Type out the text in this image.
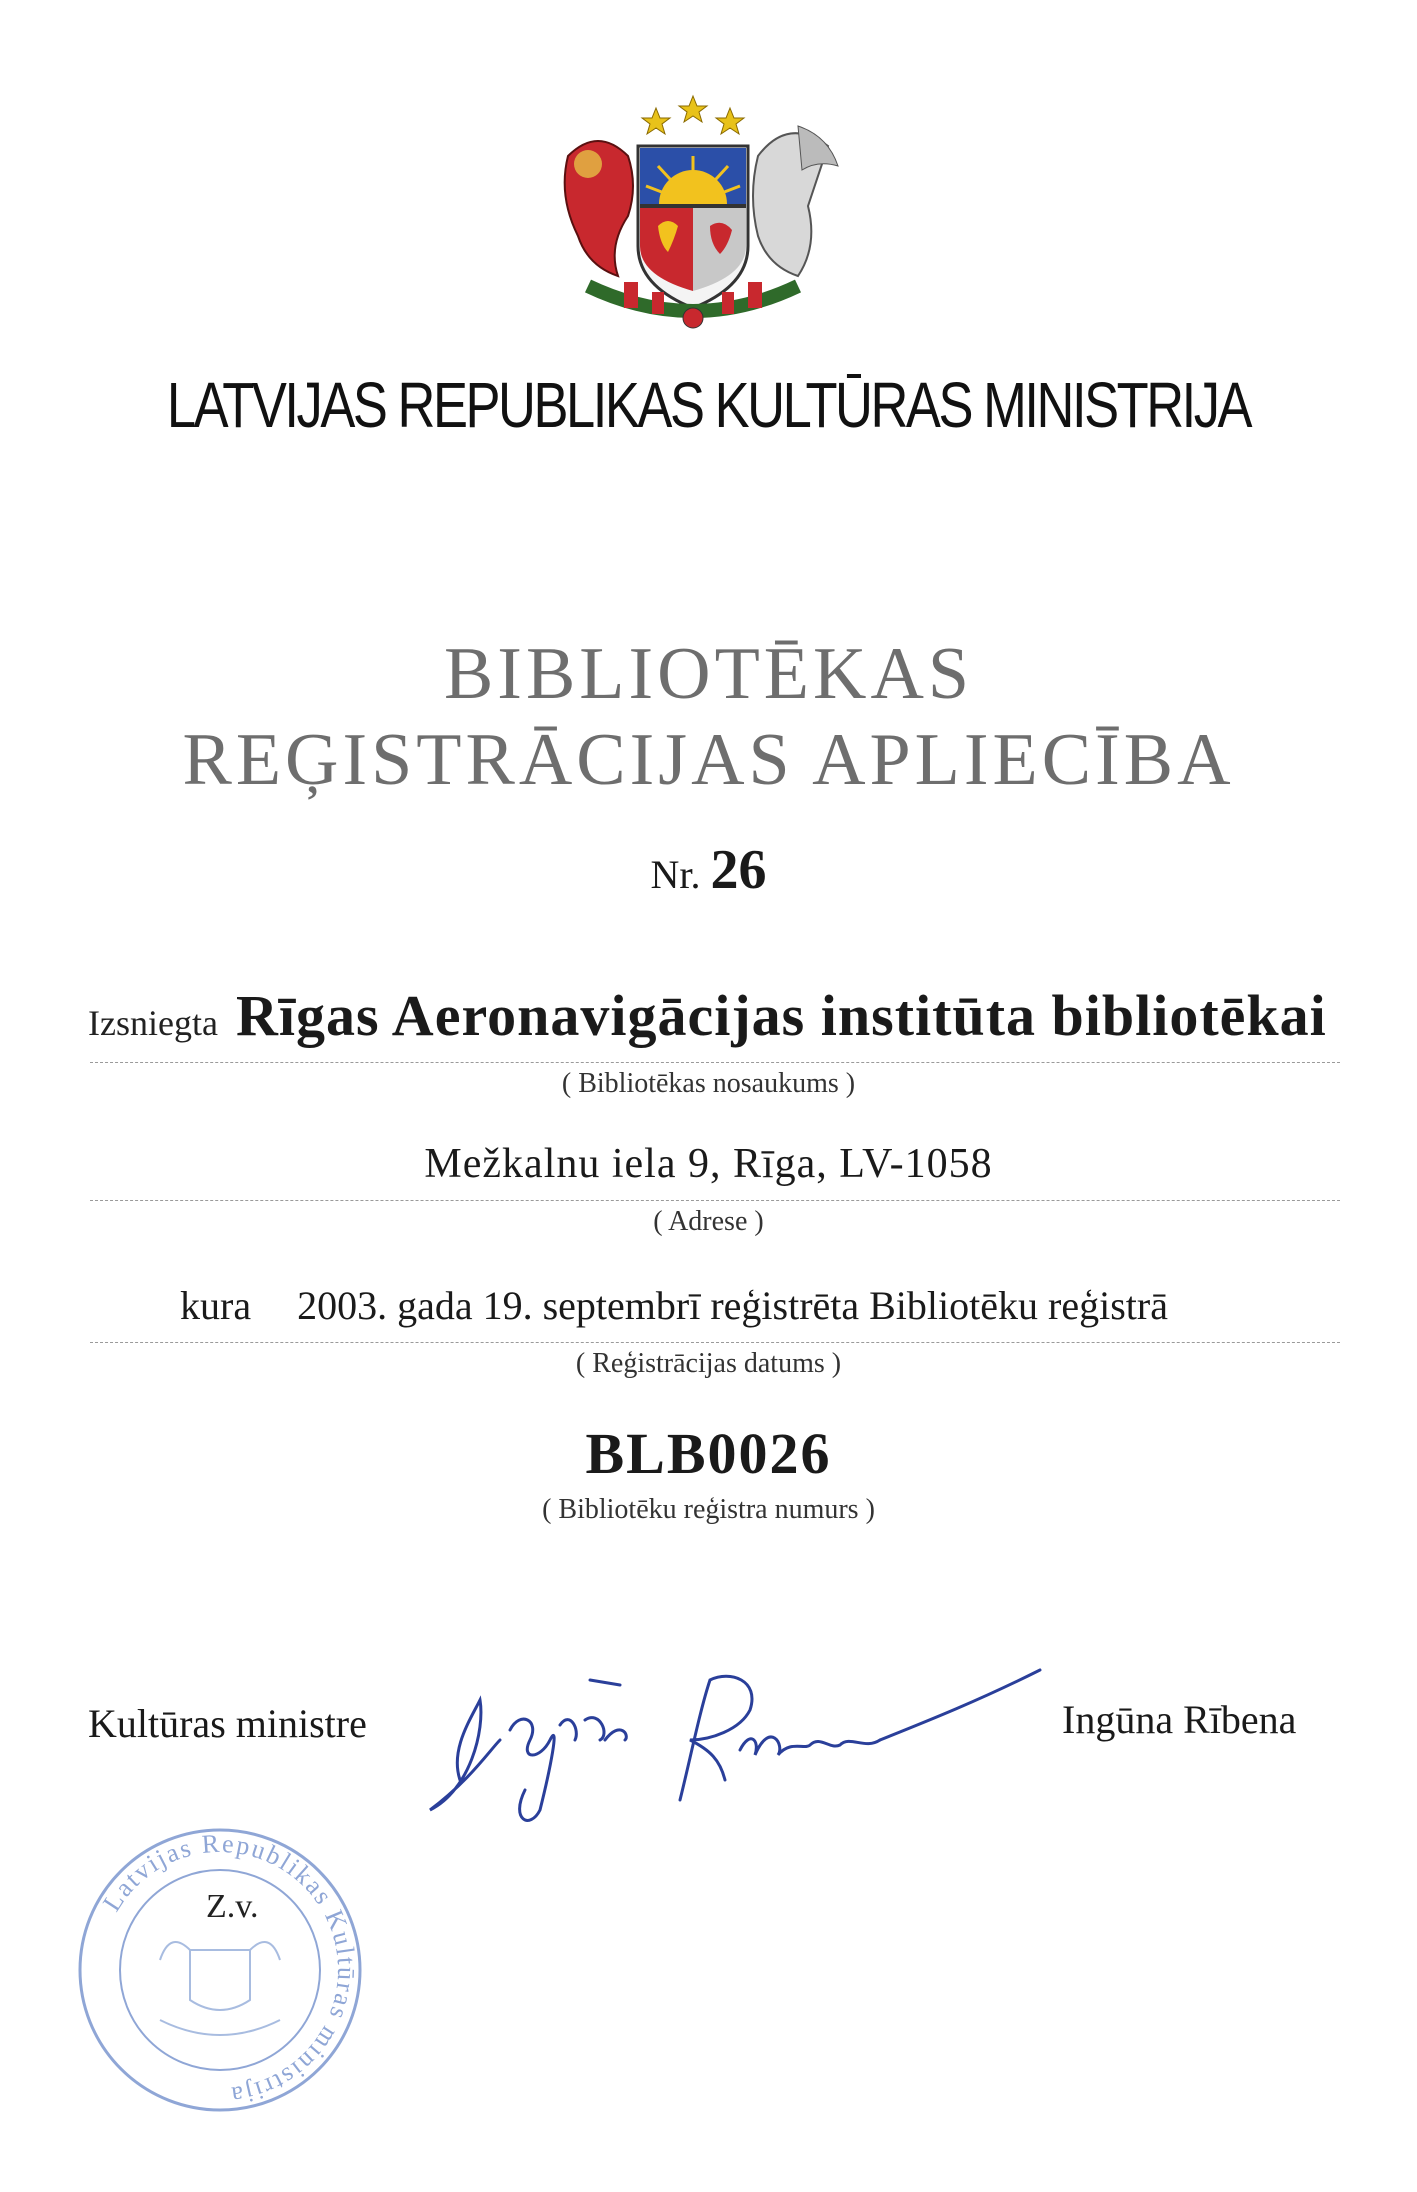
LATVIJAS REPUBLIKAS KULTŪRAS MINISTRIJA
BIBLIOTĒKAS
REĢISTRĀCIJAS APLIECĪBA
Nr. 26
Izsniegta Rīgas Aeronavigācijas institūta bibliotēkai
( Bibliotēkas nosaukums )
Mežkalnu iela 9, Rīga, LV-1058
( Adrese )
kura 2003. gada 19. septembrī reģistrēta Bibliotēku reģistrā
( Reģistrācijas datums )
BLB0026
( Bibliotēku reģistra numurs )
Kultūras ministre	Ingūna Rībena
Latvijas Republikas Kultūras ministrija
Z.v.
